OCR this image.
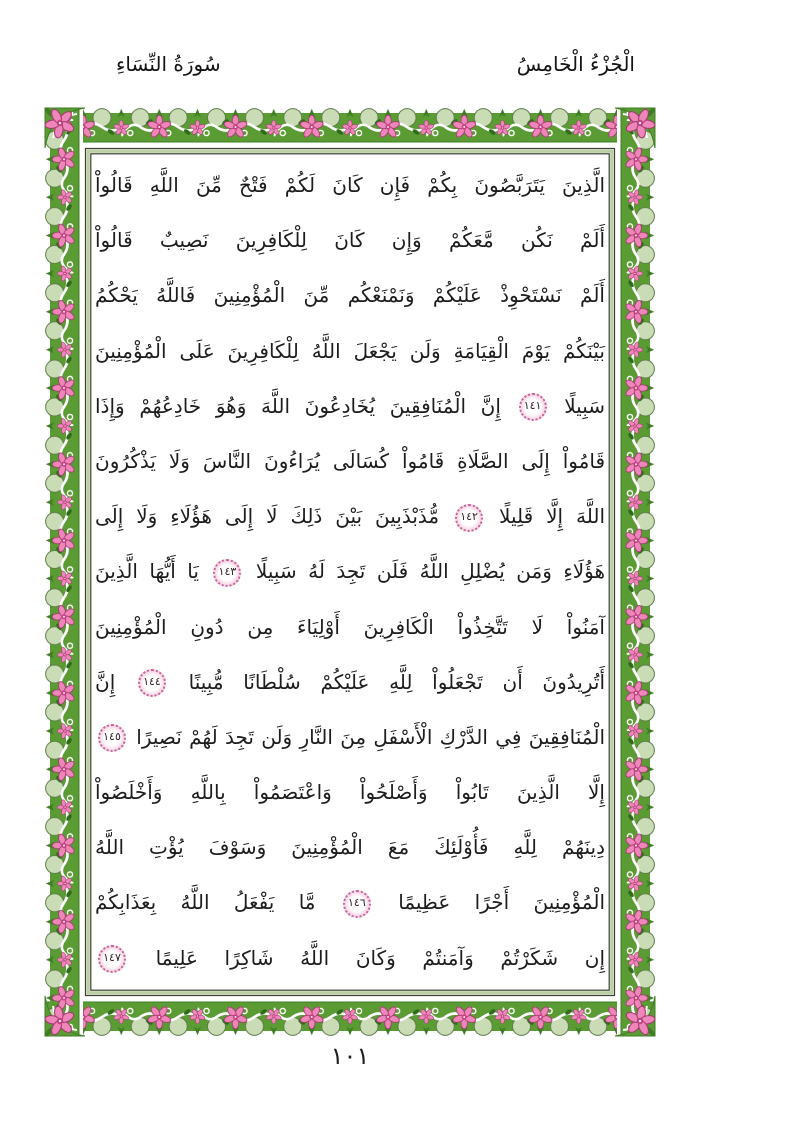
الْجُزْءُ الْخَامِسُ
سُورَةُ النِّسَاءِ
الَّذِينَ يَتَرَبَّصُونَ بِكُمْ فَإِن كَانَ لَكُمْ فَتْحٌ مِّنَ اللَّهِ قَالُواْ
أَلَمْ نَكُن مَّعَكُمْ وَإِن كَانَ لِلْكَافِرِينَ نَصِيبٌ قَالُواْ
أَلَمْ نَسْتَحْوِذْ عَلَيْكُمْ وَنَمْنَعْكُم مِّنَ الْمُؤْمِنِينَ فَاللَّهُ يَحْكُمُ
بَيْنَكُمْ يَوْمَ الْقِيَامَةِ وَلَن يَجْعَلَ اللَّهُ لِلْكَافِرِينَ عَلَى الْمُؤْمِنِينَ
سَبِيلًا ١٤١ إِنَّ الْمُنَافِقِينَ يُخَادِعُونَ اللَّهَ وَهُوَ خَادِعُهُمْ وَإِذَا
قَامُواْ إِلَى الصَّلَاةِ قَامُواْ كُسَالَى يُرَاءُونَ النَّاسَ وَلَا يَذْكُرُونَ
اللَّهَ إِلَّا قَلِيلًا ١٤٢ مُّذَبْذَبِينَ بَيْنَ ذَلِكَ لَا إِلَى هَؤُلَاءِ وَلَا إِلَى
هَؤُلَاءِ وَمَن يُضْلِلِ اللَّهُ فَلَن تَجِدَ لَهُ سَبِيلًا ١٤٣ يَا أَيُّهَا الَّذِينَ
آمَنُواْ لَا تَتَّخِذُواْ الْكَافِرِينَ أَوْلِيَاءَ مِن دُونِ الْمُؤْمِنِينَ
أَتُرِيدُونَ أَن تَجْعَلُواْ لِلَّهِ عَلَيْكُمْ سُلْطَانًا مُّبِينًا ١٤٤ إِنَّ
الْمُنَافِقِينَ فِي الدَّرْكِ الْأَسْفَلِ مِنَ النَّارِ وَلَن تَجِدَ لَهُمْ نَصِيرًا ١٤٥
إِلَّا الَّذِينَ تَابُواْ وَأَصْلَحُواْ وَاعْتَصَمُواْ بِاللَّهِ وَأَخْلَصُواْ
دِينَهُمْ لِلَّهِ فَأُوْلَئِكَ مَعَ الْمُؤْمِنِينَ وَسَوْفَ يُؤْتِ اللَّهُ
الْمُؤْمِنِينَ أَجْرًا عَظِيمًا ١٤٦ مَّا يَفْعَلُ اللَّهُ بِعَذَابِكُمْ
إِن شَكَرْتُمْ وَآمَنتُمْ وَكَانَ اللَّهُ شَاكِرًا عَلِيمًا ١٤٧
١٠١
